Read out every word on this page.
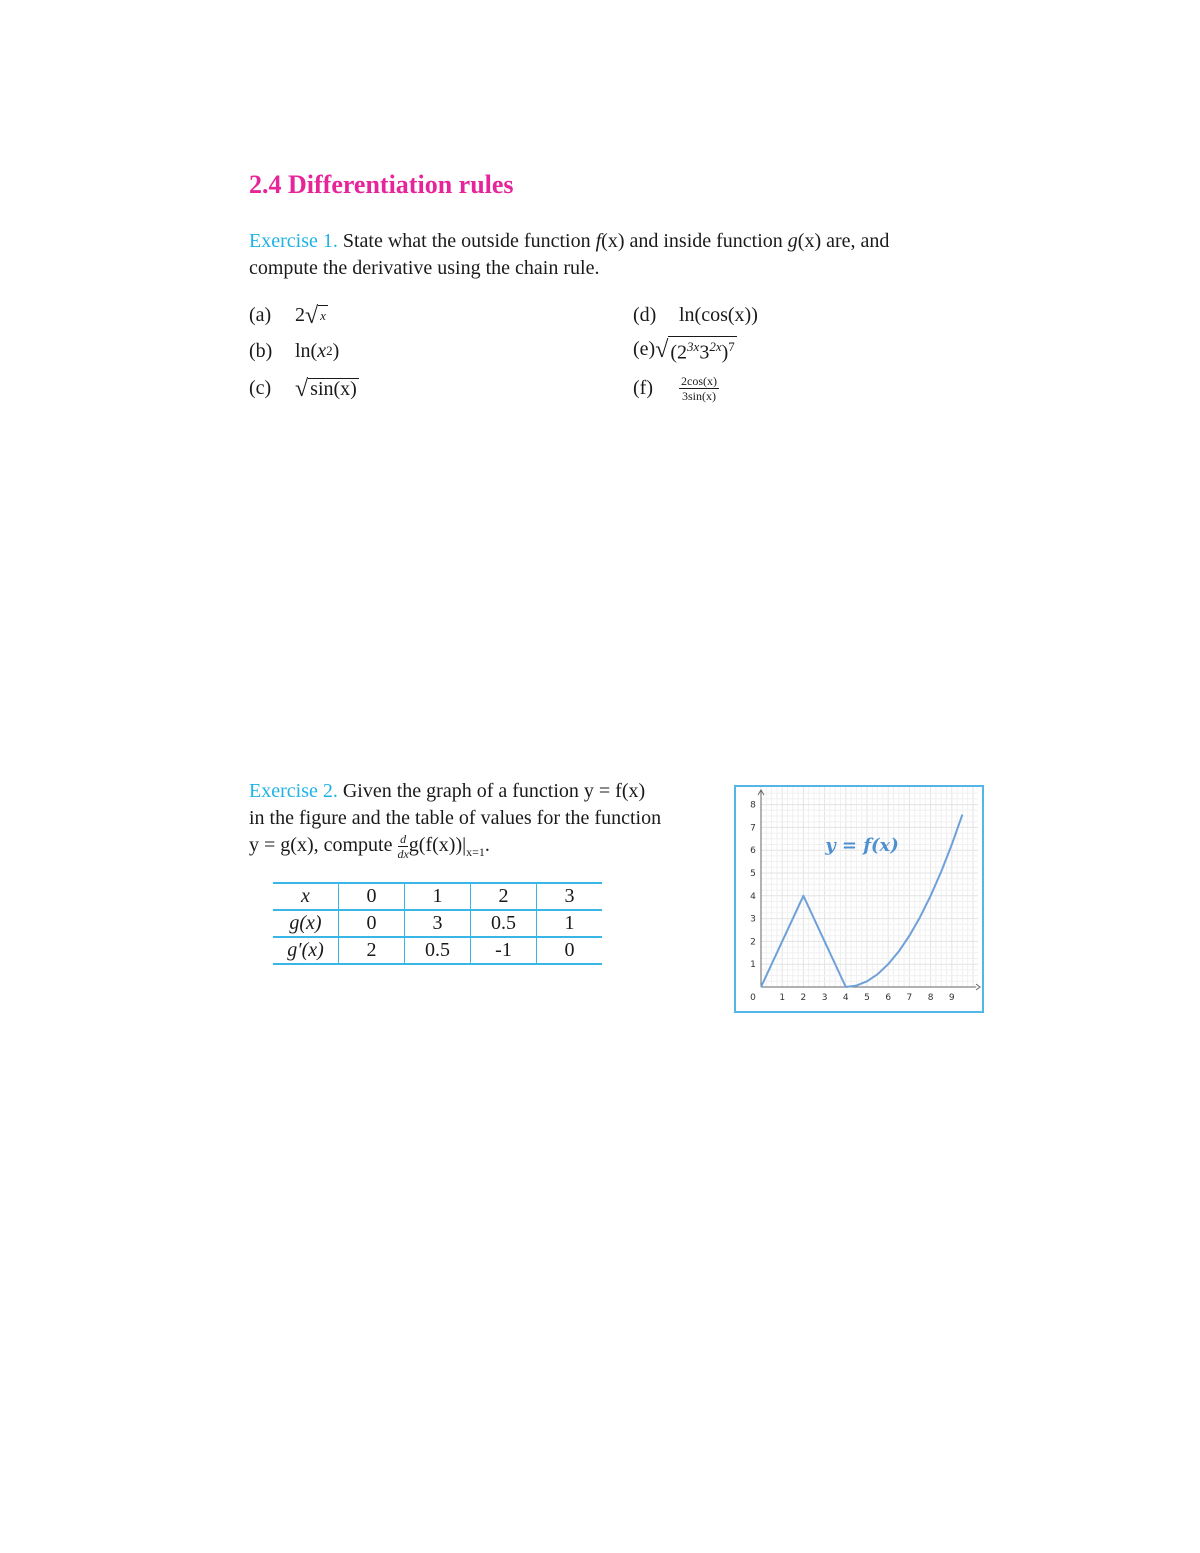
2.4 Differentiation rules
Exercise 1. State what the outside function f(x) and inside function g(x) are, and
compute the derivative using the chain rule.
(a)	2 √ x
(b)	ln( x 2 )
(c) √ sin(x)
(d)	ln(cos(x))
(e) √ $(2^{3x}3^{2x})^7$
(f)	$\frac{2\cos(x)}{3\sin(x)}$
Exercise 2. Given the graph of a function y = f(x)
in the figure and the table of values for the function
y = g(x), compute $\frac{d}{dx} g(f(x))|_{x=1}$.
x	0	1	2	3
g(x)	0	3	0.5	1
g′(x)	2	0.5	-1	0
0	1 2 3 4 5 6 7 8 9
1
2
3
4
5
6
7
8
y = f(x)
